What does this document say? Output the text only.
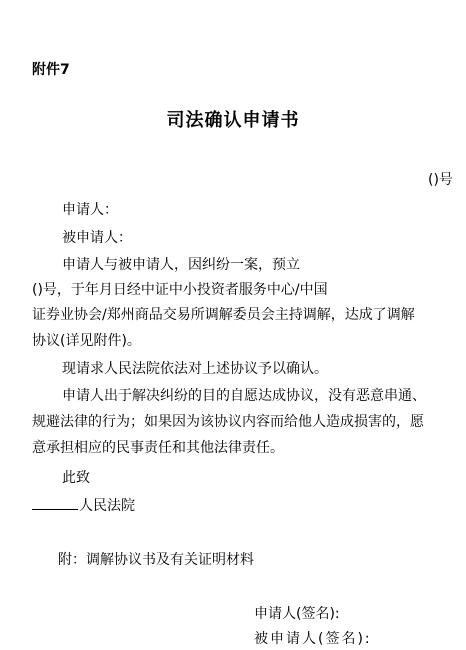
附件7
司法确认申请书
()号
申请人：
被申请人：
申请人与被申请人，因纠纷一案，预立
()号，于年月日经中证中小投资者服务中心/中国
证券业协会/郑州商品交易所调解委员会主持调解，达成了调解
协议(详见附件)。
现请求人民法院依法对上述协议予以确认。
申请人出于解决纠纷的目的自愿达成协议，没有恶意串通、
规避法律的行为；如果因为该协议内容而给他人造成损害的，愿
意承担相应的民事责任和其他法律责任。
此致
人民法院
附：调解协议书及有关证明材料
申请人(签名):
被申请人(签名):
